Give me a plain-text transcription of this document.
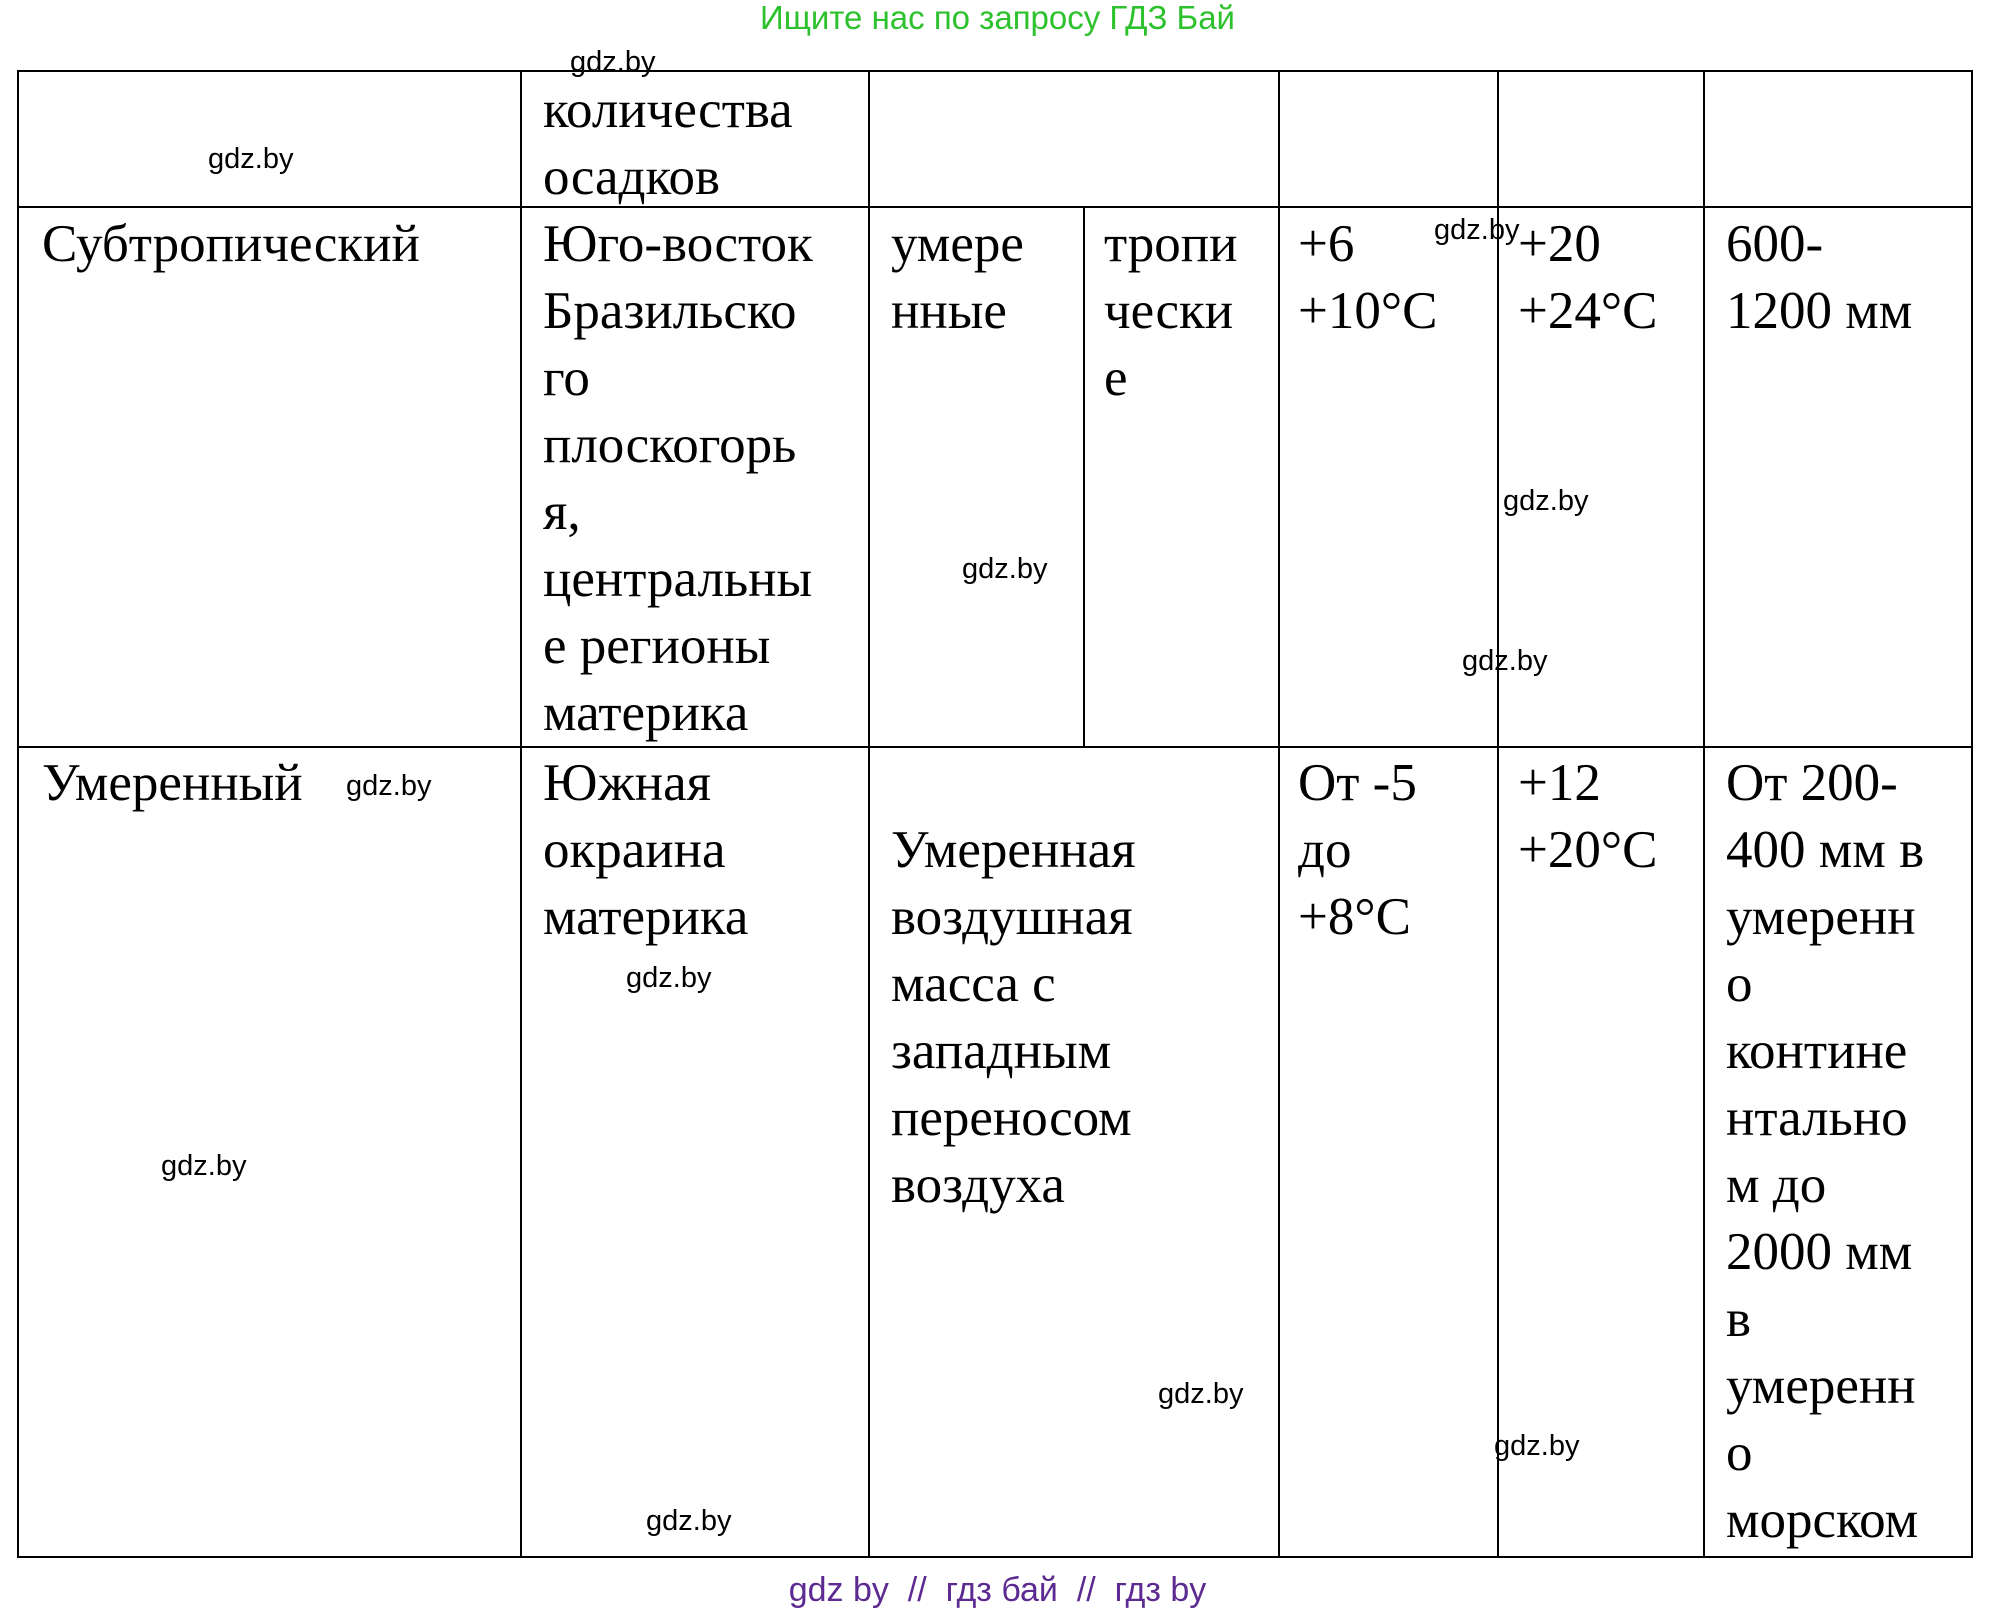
Ищите нас по запросу ГДЗ Бай
количества
осадков
Субтропический Юго-восток
Бразильско
го
плоскогорь
я,
центральны
е регионы
материка
умере
нные
тропи
чески
е
+6
+10°C
+20
+24°C
600-
1200 мм
Умеренный	Южная
окраина
материка
Умеренная
воздушная
масса с
западным
переносом
воздуха
От -5
до
+8°C
+12
+20°C
От 200-
400 мм в
умеренн
о
контине
нтально
м до
2000 мм
в
умеренн
о
морском
gdz.by
gdz.by
gdz.by
gdz.by
gdz.by
gdz.by
gdz.by
gdz.by
gdz.by
gdz.by
gdz.by
gdz.by
gdz by  //  гдз бай  //  гдз by
